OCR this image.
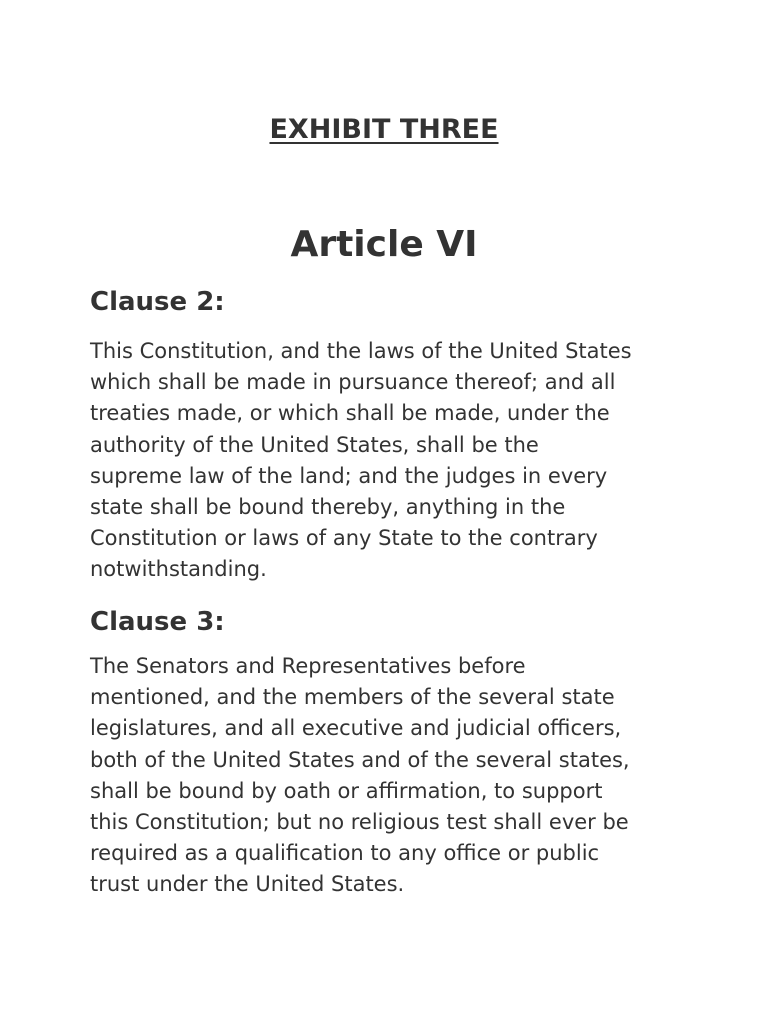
EXHIBIT THREE
Article VI
Clause 2:
This Constitution, and the laws of the United States
which shall be made in pursuance thereof; and all
treaties made, or which shall be made, under the
authority of the United States, shall be the
supreme law of the land; and the judges in every
state shall be bound thereby, anything in the
Constitution or laws of any State to the contrary
notwithstanding.
Clause 3:
The Senators and Representatives before
mentioned, and the members of the several state
legislatures, and all executive and judicial officers,
both of the United States and of the several states,
shall be bound by oath or affirmation, to support
this Constitution; but no religious test shall ever be
required as a qualification to any office or public
trust under the United States.
